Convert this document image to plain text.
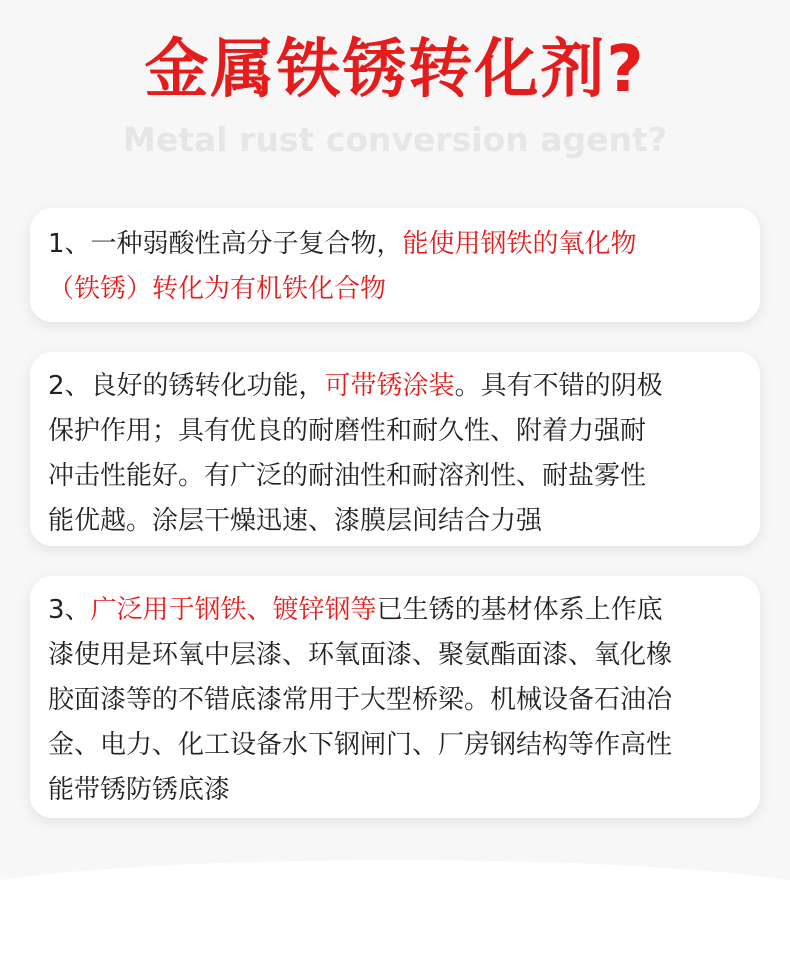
金属铁锈转化剂?
Metal rust conversion agent?

1、一种弱酸性高分子复合物，能使用钢铁的氧化物
（铁锈）转化为有机铁化合物

2、良好的锈转化功能，可带锈涂装。具有不错的阴极
保护作用；具有优良的耐磨性和耐久性、附着力强耐
冲击性能好。有广泛的耐油性和耐溶剂性、耐盐雾性
能优越。涂层干燥迅速、漆膜层间结合力强

3、广泛用于钢铁、镀锌钢等已生锈的基材体系上作底
漆使用是环氧中层漆、环氧面漆、聚氨酯面漆、氧化橡
胶面漆等的不错底漆常用于大型桥梁。机械设备石油冶
金、电力、化工设备水下钢闸门、厂房钢结构等作高性
能带锈防锈底漆
